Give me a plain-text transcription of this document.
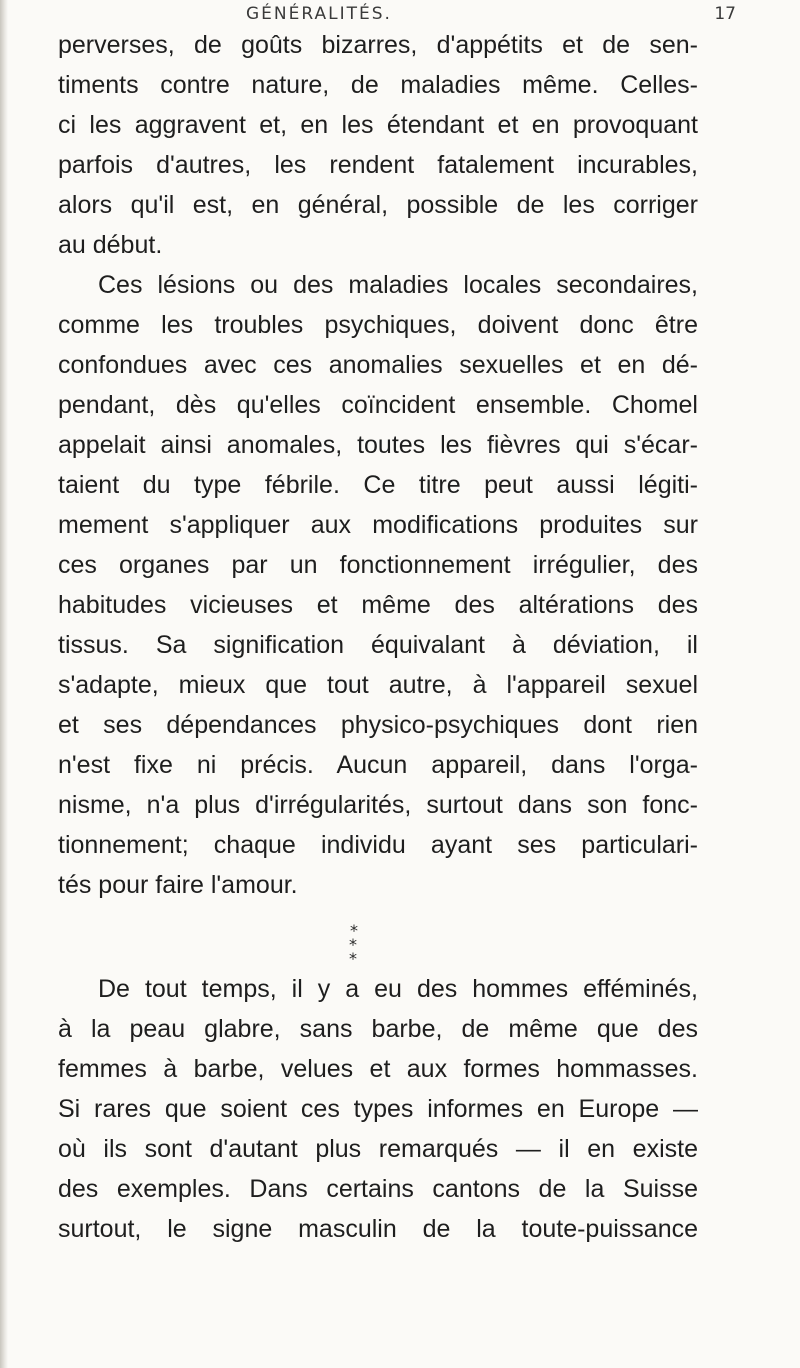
GÉNÉRALITÉS.	17
perverses, de goûts bizarres, d'appétits et de sen-
timents contre nature, de maladies même. Celles-
ci les aggravent et, en les étendant et en provoquant
parfois d'autres, les rendent fatalement incurables,
alors qu'il est, en général, possible de les corriger
au début.
Ces lésions ou des maladies locales secondaires,
comme les troubles psychiques, doivent donc être
confondues avec ces anomalies sexuelles et en dé-
pendant, dès qu'elles coïncident ensemble. Chomel
appelait ainsi anomales, toutes les fièvres qui s'écar-
taient du type fébrile. Ce titre peut aussi légiti-
mement s'appliquer aux modifications produites sur
ces organes par un fonctionnement irrégulier, des
habitudes vicieuses et même des altérations des
tissus. Sa signification équivalant à déviation, il
s'adapte, mieux que tout autre, à l'appareil sexuel
et ses dépendances physico-psychiques dont rien
n'est fixe ni précis. Aucun appareil, dans l'orga-
nisme, n'a plus d'irrégularités, surtout dans son fonc-
tionnement; chaque individu ayant ses particulari-
tés pour faire l'amour.
*
* *
De tout temps, il y a eu des hommes efféminés,
à la peau glabre, sans barbe, de même que des
femmes à barbe, velues et aux formes hommasses.
Si rares que soient ces types informes en Europe —
où ils sont d'autant plus remarqués — il en existe
des exemples. Dans certains cantons de la Suisse
surtout, le signe masculin de la toute-puissance
